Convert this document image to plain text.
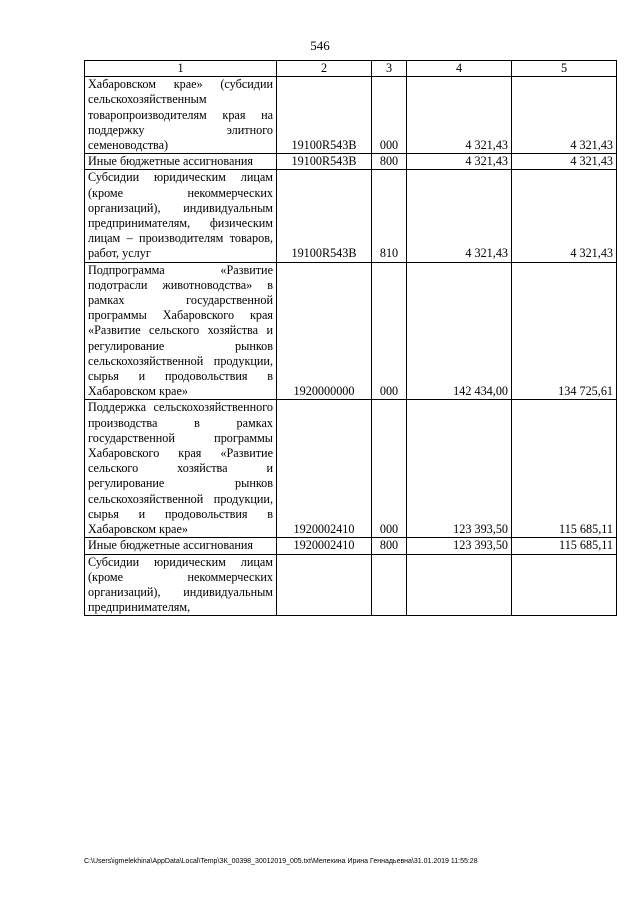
546
1	2	3	4	5
Хабаровском крае» (субсидии сельскохозяйственным товаропроизводителям края на поддержку элитного семеноводства)	19100R543B	000	4 321,43	4 321,43
Иные бюджетные ассигнования	19100R543B	800	4 321,43	4 321,43
Субсидии юридическим лицам (кроме некоммерческих организаций), индивидуальным предпринимателям, физическим лицам – производителям товаров, работ, услуг	19100R543B	810	4 321,43	4 321,43
Подпрограмма «Развитие подотрасли животноводства» в рамках государственной программы Хабаровского края «Развитие сельского хозяйства и регулирование рынков сельскохозяйственной продукции, сырья и продовольствия в Хабаровском крае»	1920000000	000	142 434,00	134 725,61
Поддержка сельскохозяйственного производства в рамках государственной программы Хабаровского края «Развитие сельского хозяйства и регулирование рынков сельскохозяйственной продукции, сырья и продовольствия в Хабаровском крае»	1920002410	000	123 393,50	115 685,11
Иные бюджетные ассигнования	1920002410	800	123 393,50	115 685,11
Субсидии юридическим лицам (кроме некоммерческих организаций), индивидуальным предпринимателям,				
C:\Users\igmelekhina\AppData\Local\Temp\ЗК_00398_30012019_005.txt\Мелехина Ирина Геннадьевна\31.01.2019 11:55:28
